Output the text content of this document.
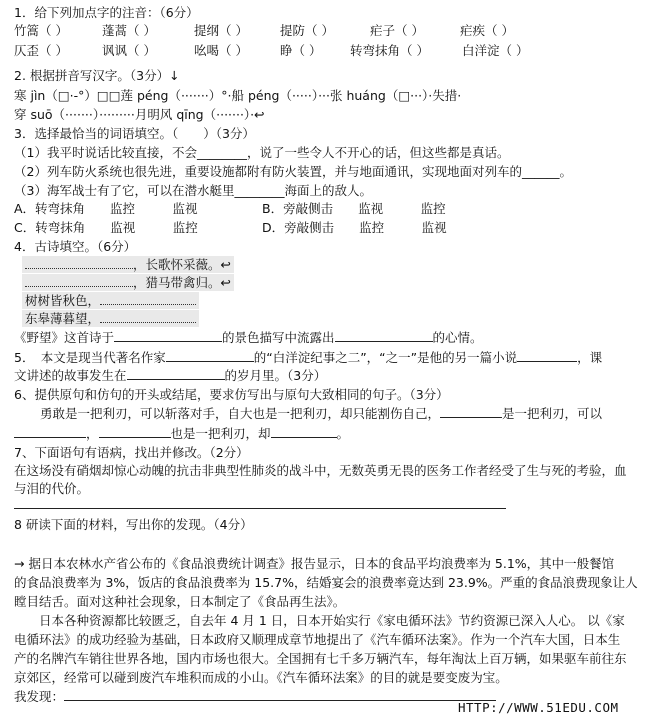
1．给下列加点字的注音：（6分）
竹篙（ ）	蓬蒿（ ）	提纲（ ）	提防（ ）	疟子（ ）	疟疾（ ）
仄歪（ ）	讽讽（ ）	吆喝（ ）	睁（ ） 转弯抹角（ ）	白洋淀（ ）
2. 根据拼音写汉字。（3分）↓
寒 jìn（□·-°）□□莲 péng（·······）°·船 péng（·····）···张 huáng（□···）·失措·
穿 suō（·······）·········月明风 qīng（·······）·↩
3．选择最恰当的词语填空。（　　）（3分）
（1）我平时说话比较直接，不会________，说了一些令人不开心的话，但这些都是真话。
（2）列车防火系统也很先进，重要设施都附有防火装置，并与地面通讯，实现地面对列车的______。
（3）海军战士有了它，可以在潜水艇里________海面上的敌人。
A．转弯抹角　　监控　　　监视	B．旁敲侧击　　监视　　　监控
C．转弯抹角　　监视　　　监控	D．旁敲侧击　　监控　　　监视
4．古诗填空。（6分）
，长歌怀采薇。↩
，猎马带禽归。↩
树树皆秋色，
东皋薄暮望，
《野望》这首诗于	的景色描写中流露出	的心情。
5．　本文是现当代著名作家	的“白洋淀纪事之二”，“之一”是他的另一篇小说	，课
文讲述的故事发生在	的岁月里。（3分）
6、提供原句和仿句的开头或结尾，要求仿写出与原句大致相同的句子。（3分）
勇敢是一把利刃，可以斩落对手，自大也是一把利刃，却只能割伤自己，	是一把利刃，可以
，	也是一把利刃，却	。
7、下面语句有语病，找出并修改。（2分）
在这场没有硝烟却惊心动魄的抗击非典型性肺炎的战斗中，无数英勇无畏的医务工作者经受了生与死的考验，血
与泪的代价。
8 研读下面的材料，写出你的发现。（4分）
→ 据日本农林水产省公布的《食品浪费统计调查》报告显示，日本的食品平均浪费率为 5.1%，其中一般餐馆
的食品浪费率为 3%，饭店的食品浪费率为 15.7%，结婚宴会的浪费率竟达到 23.9%。严重的食品浪费现象让人
瞠目结舌。面对这种社会现象，日本制定了《食品再生法》。
　　日本各种资源都比较匮乏，自去年 4 月 1 日，日本开始实行《家电循环法》节约资源已深入人心。 以《家
电循环法》的成功经验为基础，日本政府又顺理成章节地提出了《汽车循环法案》。作为一个汽车大国，日本生
产的名牌汽车销往世界各地，国内市场也很大。全国拥有七千多万辆汽车，每年淘汰上百万辆，如果驱车前往东
京郊区，经常可以碰到废汽车堆积而成的小山。《汽车循环法案》的目的就是要变废为宝。
我发现：
HTTP://WWW.51EDU.COM
